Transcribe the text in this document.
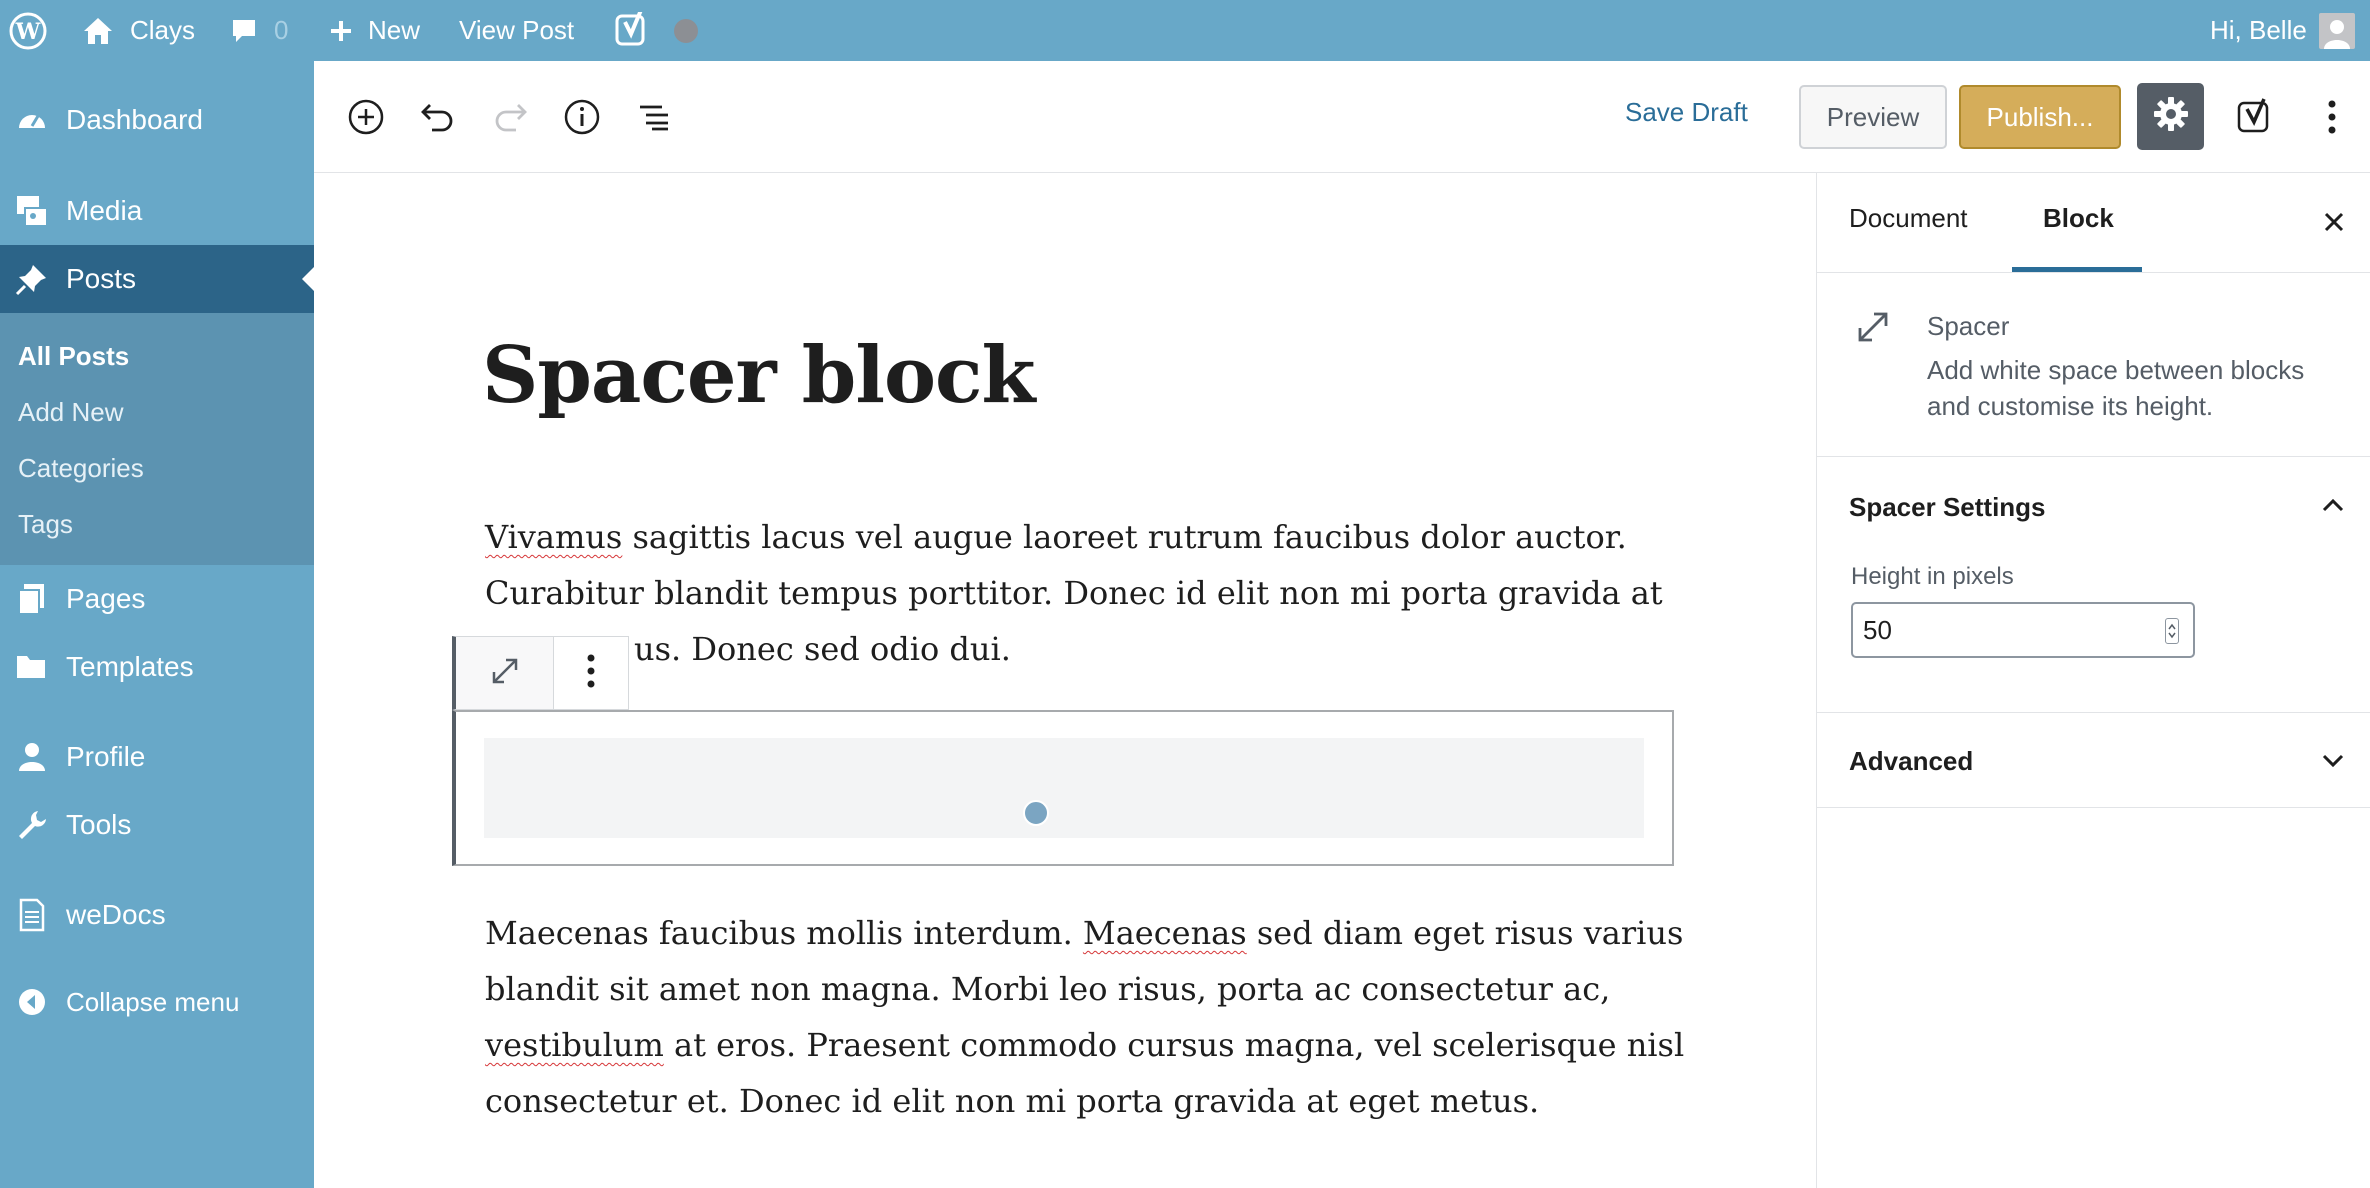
W	Clays	0	New View Post	Hi, Belle
Dashboard
Media
Posts
All Posts
Add New
Categories
Tags
Pages
Templates
Profile
Tools
weDocs
Collapse menu
Save Draft	Preview	Publish...
Spacer block

Vivamus sagittis lacus vel augue laoreet rutrum faucibus dolor auctor.

Curabitur blandit tempus porttitor. Donec id elit non mi porta gravida at

us. Donec sed odio dui.

Maecenas faucibus mollis interdum. Maecenas sed diam eget risus varius

blandit sit amet non magna. Morbi leo risus, porta ac consectetur ac,

vestibulum at eros. Praesent commodo cursus magna, vel scelerisque nisl

consectetur et. Donec id elit non mi porta gravida at eget metus.

Document	Block
Spacer
Add white space between blocks and customise its height.
Spacer Settings
Height in pixels
50
Advanced
